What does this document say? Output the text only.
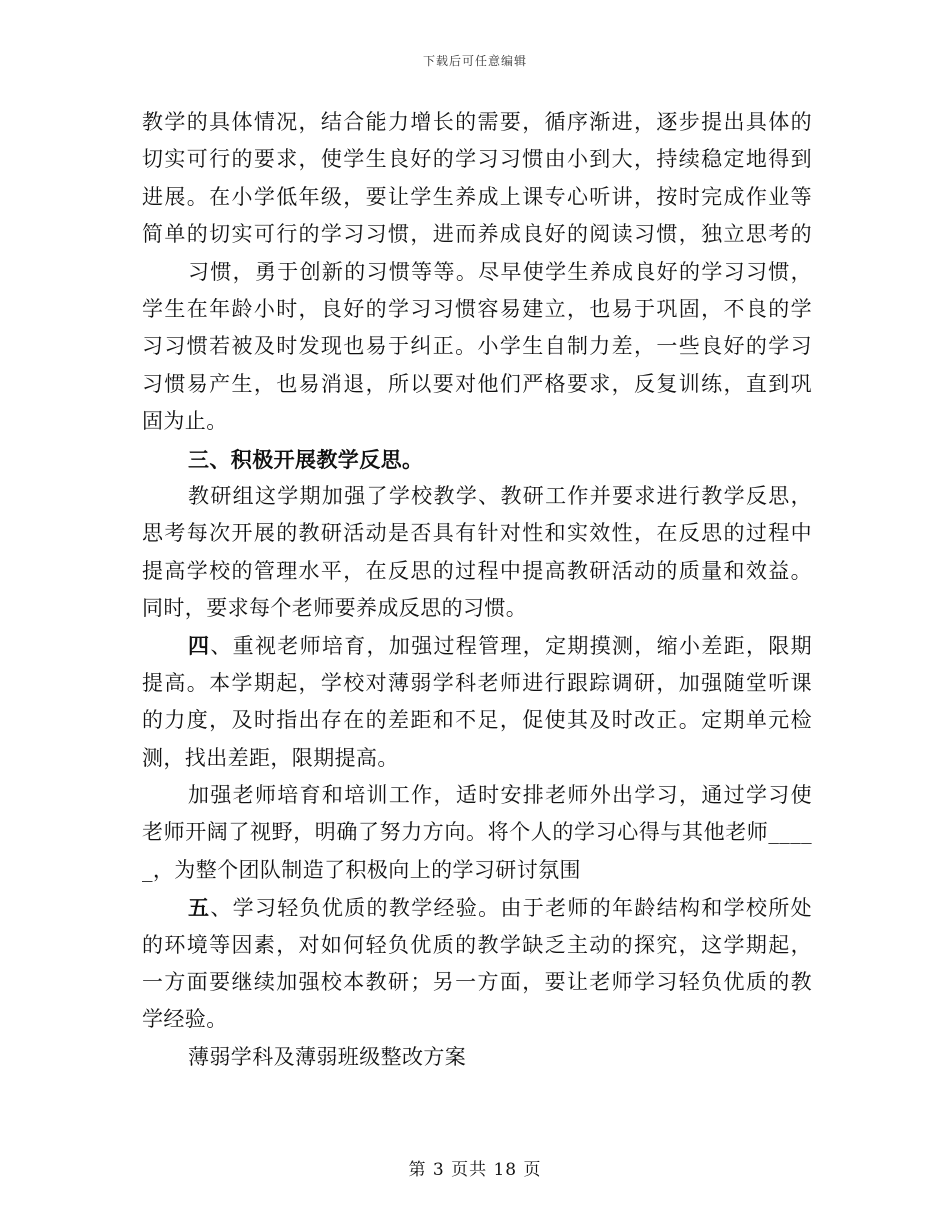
下载后可任意编辑
教学的具体情况，结合能力增长的需要，循序渐进，逐步提出具体的
切实可行的要求，使学生良好的学习习惯由小到大，持续稳定地得到
进展。在小学低年级，要让学生养成上课专心听讲，按时完成作业等
简单的切实可行的学习习惯，进而养成良好的阅读习惯，独立思考的
习惯，勇于创新的习惯等等。尽早使学生养成良好的学习习惯，
学生在年龄小时，良好的学习习惯容易建立，也易于巩固，不良的学
习习惯若被及时发现也易于纠正。小学生自制力差，一些良好的学习
习惯易产生，也易消退，所以要对他们严格要求，反复训练，直到巩
固为止。
三、积极开展教学反思。
教研组这学期加强了学校教学、教研工作并要求进行教学反思，
思考每次开展的教研活动是否具有针对性和实效性，在反思的过程中
提高学校的管理水平，在反思的过程中提高教研活动的质量和效益。
同时，要求每个老师要养成反思的习惯。
四、重视老师培育，加强过程管理，定期摸测，缩小差距，限期
提高。本学期起，学校对薄弱学科老师进行跟踪调研，加强随堂听课
的力度，及时指出存在的差距和不足，促使其及时改正。定期单元检
测，找出差距，限期提高。
加强老师培育和培训工作，适时安排老师外出学习，通过学习使
老师开阔了视野，明确了努力方向。将个人的学习心得与其他老师____
_，为整个团队制造了积极向上的学习研讨氛围
五、学习轻负优质的教学经验。由于老师的年龄结构和学校所处
的环境等因素，对如何轻负优质的教学缺乏主动的探究，这学期起，
一方面要继续加强校本教研；另一方面，要让老师学习轻负优质的教
学经验。
薄弱学科及薄弱班级整改方案
第 3 页共 18 页
